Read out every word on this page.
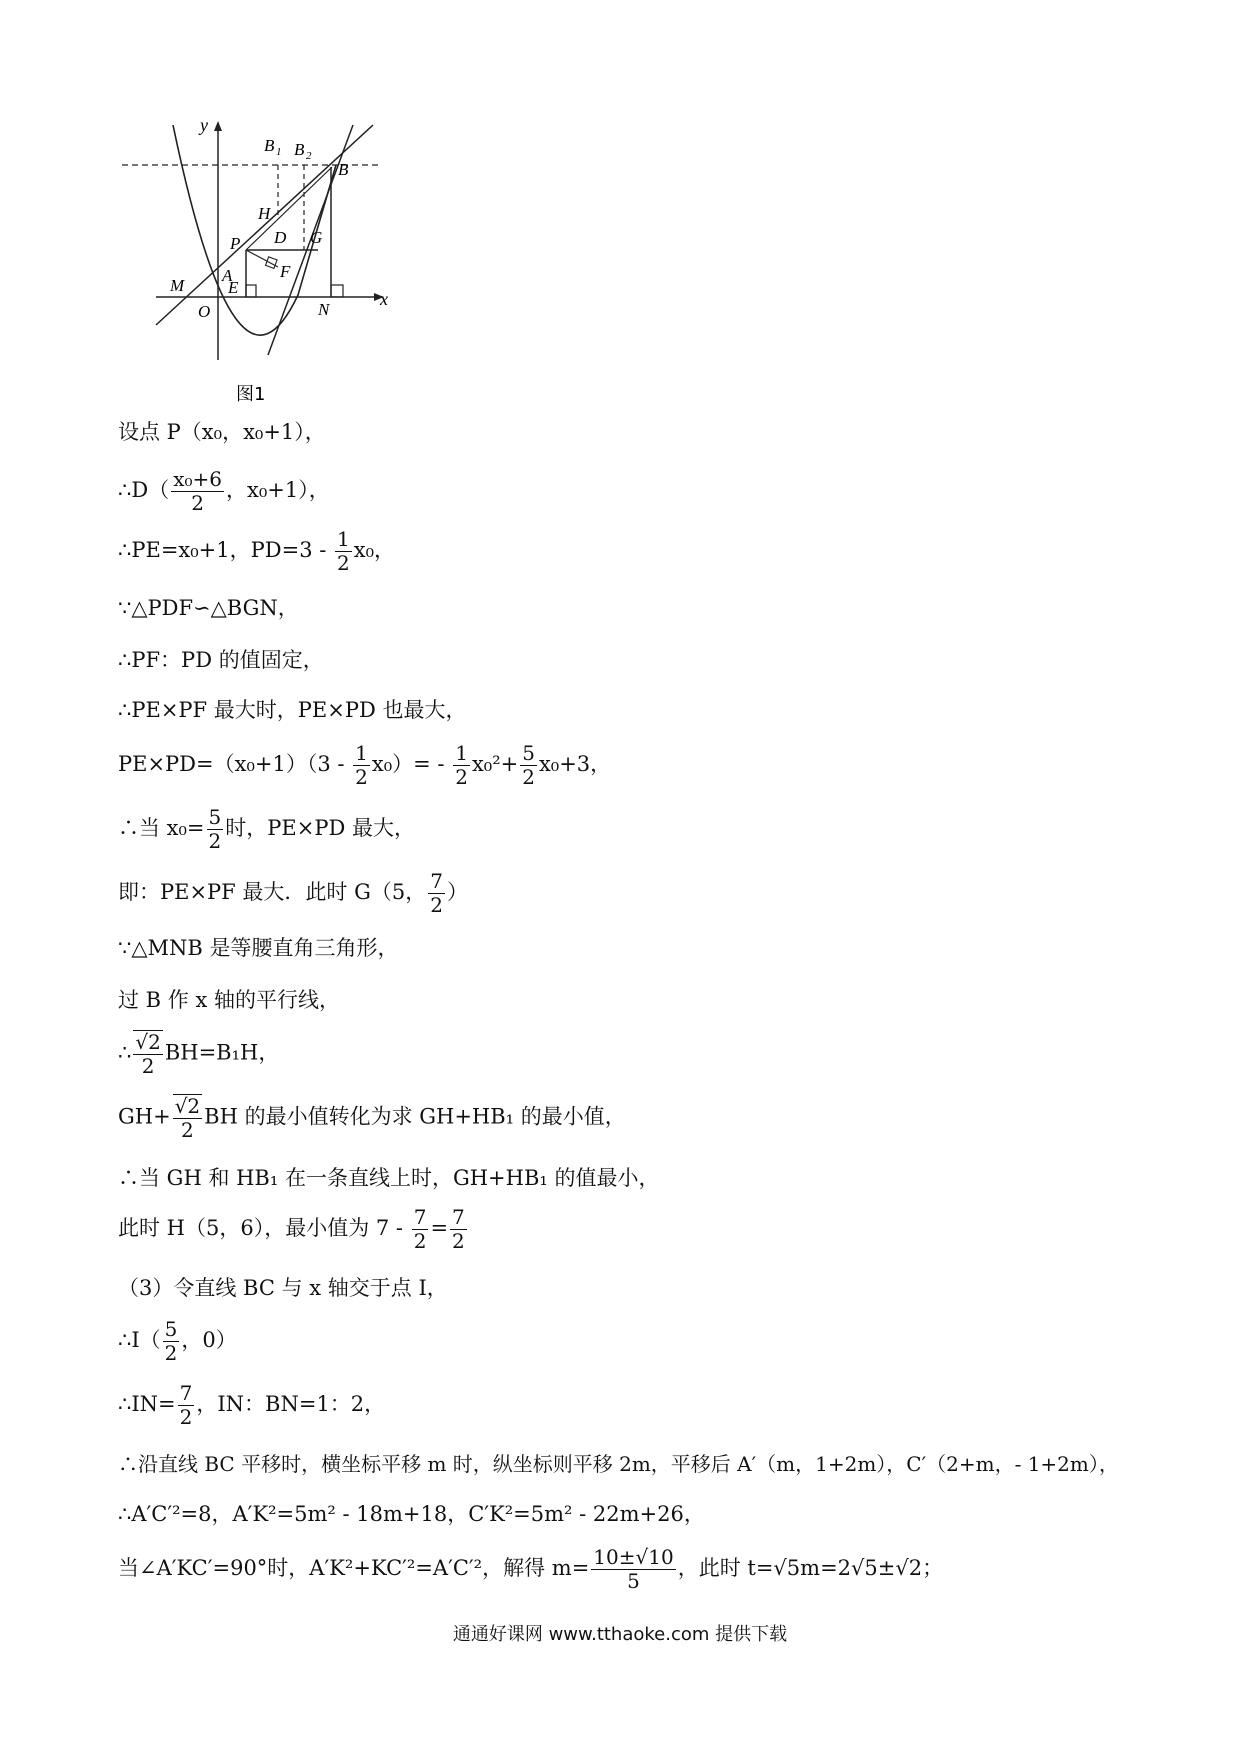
y
x
O
M
A
E
N
P
H
D G
F
B
B 1 B 2
图1
设点 P（x₀，x₀+1），
∴D（ $\frac{\text{x₀+6}}{2}$ ，x₀+1），
∴PE=x₀+1，$PD=3 - \frac{1}{2} x_0$，
∵△PDF∽△BGN，
∴PF：PD 的值固定，
∴PE×PF 最大时，PE×PD 也最大，
$PE\times PD=(x_0+1)(3 - \frac{1}{2} x_0)= - \frac{1}{2} x_0^2+ \frac{5}{2} x_0+3$，
∴当 $x_0= \frac{5}{2}$ 时，PE×PD 最大，
即：PE×PF 最大．此时 G（5， $\frac{7}{2}$ ）
∵△MNB 是等腰直角三角形，
过 B 作 x 轴的平行线，
∴ $\frac{√2}{2} BH=B_1H$，
$GH+ \frac{√2}{2}$ BH 的最小值转化为求 GH+HB₁ 的最小值，
∴当 GH 和 HB₁ 在一条直线上时，GH+HB₁ 的值最小，
此时 H（5，6），最小值为 $7 - \frac{7}{2} = \frac{7}{2}$
（3）令直线 BC 与 x 轴交于点 I，
∴I（ $\frac{5}{2}$ ，0）
∴IN= $\frac{7}{2}$ ，IN：BN=1：2，
∴沿直线 BC 平移时，横坐标平移 m 时，纵坐标则平移 2m，平移后 A′（m，1+2m），C′（2+m，- 1+2m），
∴A′C′²=8，A′K²=5m² - 18m+18，C′K²=5m² - 22m+26，
当∠A′KC′=90°时，A′K²+KC′²=A′C′²，解得 $m= \frac{10\pm√10}{5}$ ，此时 t=√5m=2√5±√2；
通通好课网 www.tthaoke.com 提供下载
